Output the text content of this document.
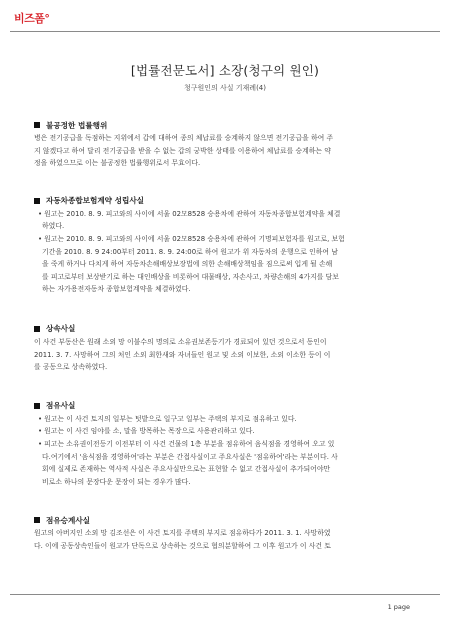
비즈폼°
[법률전문도서] 소장(청구의 원인)
청구원인의 사실 기재례(4)
불공정한 법률행위

병은 전기공급을 독점하는 지위에서 갑에 대하여 종의 체납료를 승계하지 않으면 전기공급을 하여 주

지 않겠다고 하여 달리 전기공급을 받을 수 없는 갑의 궁박한 상태를 이용하여 체납료를 승계하는 약

정을 하였으므로 이는 불공정한 법률행위로서 무효이다.

자동차종합보험계약 성립사실

• 원고는 2010. 8. 9. 피고와의 사이에 서울 02모8528 승용차에 관하여 자동차종합보험계약을 체결

하였다.

• 원고는 2010. 8. 9. 피고와의 사이에 서울 02모8528 승용차에 관하여 기명피보험자를 원고로, 보험

기간을 2010. 8. 9 24:00부터 2011. 8. 9. 24:00로 하여 원고가 위 자동차의 운행으로 인하여 남

을 죽게 하거나 다치게 하여 자동차손해배상보장법에 의한 손해배상책임을 짐으로써 입게 될 손해

를 피고로부터 보상받기로 하는 대인배상을 비롯하여 대물배상, 자손사고, 차량손해의 4가지를 담보

하는 자가용전자동차 종합보험계약을 체결하였다.

상속사실

이 사건 부동산은 원래 소외 망 이불수의 명의로 소유권보존등기가 경료되어 있던 것으로서 동인이

2011. 3. 7. 사망하여 그의 처인 소외 최한새와 자녀들인 원고 및 소외 이보한, 소외 이소한 등이 이

를 공동으로 상속하였다.

점유사실

• 원고는 이 사건 토지의 일부는 텃밭으로 일구고 일부는 주택의 부지로 점유하고 있다.

• 원고는 이 사건 임야를 소, 말을 방목하는 목장으로 사용관리하고 있다.

• 피고는 소유권이전등기 이전부터 이 사건 건물의 1층 부분을 점유하여 음식점을 경영하여 오고 있

다.여기에서 '음식점을 경영하여'라는 부분은 간접사실이고 주요사실은 '점유하여'라는 부분이다. 사

회에 실제로 존재하는 역사적 사실은 주요사실만으로는 표현할 수 없고 간접사실이 추가되어야만

비로소 하나의 문장다운 문장이 되는 경우가 많다.

점유승계사실

원고의 아버지인 소외 망 김조선은 이 사건 토지를 주택의 부지로 점유하다가 2011. 3. 1. 사망하였

다. 이에 공동상속인들이 원고가 단독으로 상속하는 것으로 협의분할하여 그 이후 원고가 이 사건 토

1 page
